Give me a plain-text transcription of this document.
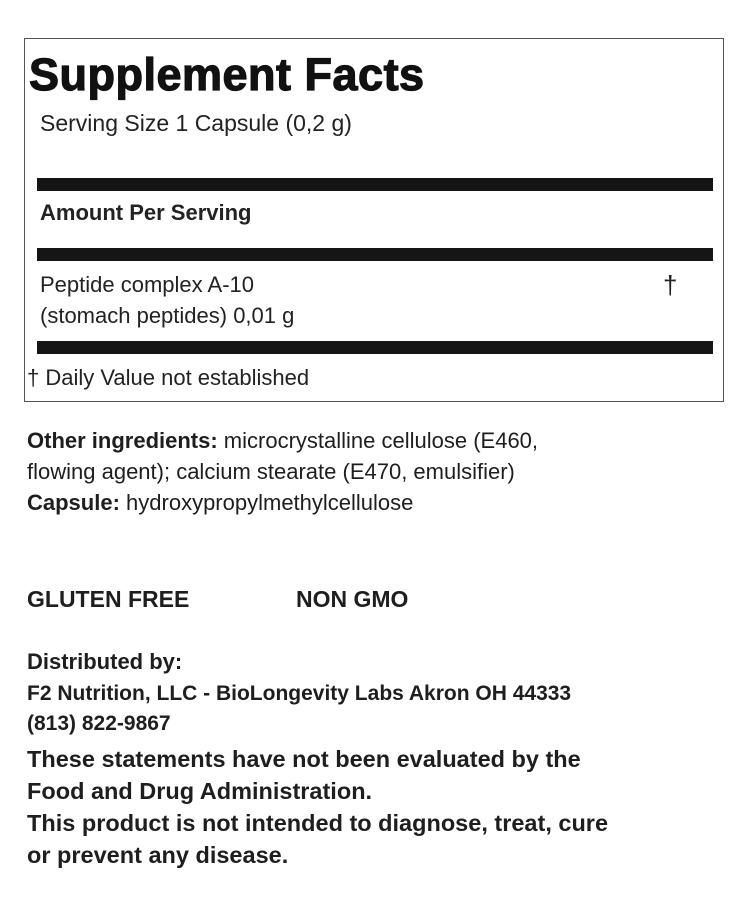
Supplement Facts
Serving Size 1 Capsule (0,2 g)
Amount Per Serving
Peptide complex A-10
(stomach peptides) 0,01 g
†
† Daily Value not established
Other ingredients: microcrystalline cellulose (E460,
flowing agent); calcium stearate (E470, emulsifier)
Capsule: hydroxypropylmethylcellulose
GLUTEN FREE	NON GMO
Distributed by:
F2 Nutrition, LLC - BioLongevity Labs Akron OH 44333
(813) 822-9867
These statements have not been evaluated by the
Food and Drug Administration.
This product is not intended to diagnose, treat, cure
or prevent any disease.
